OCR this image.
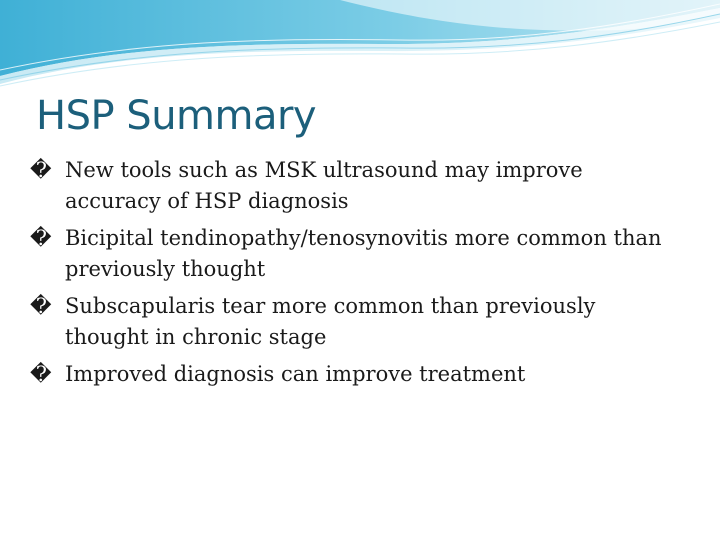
HSP Summary
� New tools such as MSK ultrasound may improve accuracy of HSP diagnosis
� Bicipital tendinopathy/tenosynovitis more common than previously thought
� Subscapularis tear more common than previously thought in chronic stage
� Improved diagnosis can improve treatment
